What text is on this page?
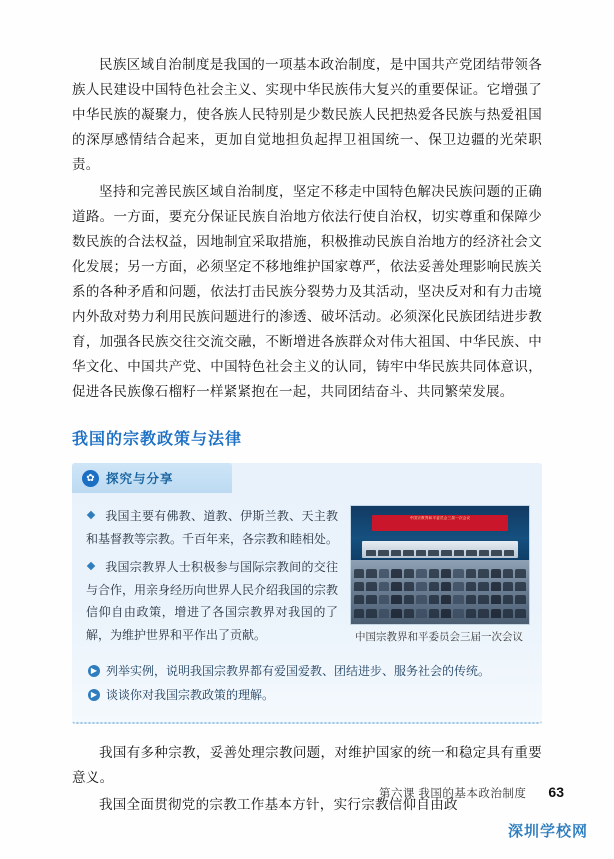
民族区域自治制度是我国的一项基本政治制度，是中国共产党团结带领各族人民建设中国特色社会主义、实现中华民族伟大复兴的重要保证。它增强了中华民族的凝聚力，使各族人民特别是少数民族人民把热爱各民族与热爱祖国的深厚感情结合起来，更加自觉地担负起捍卫祖国统一、保卫边疆的光荣职责。

坚持和完善民族区域自治制度，坚定不移走中国特色解决民族问题的正确道路。一方面，要充分保证民族自治地方依法行使自治权，切实尊重和保障少数民族的合法权益，因地制宜采取措施，积极推动民族自治地方的经济社会文化发展；另一方面，必须坚定不移地维护国家尊严，依法妥善处理影响民族关系的各种矛盾和问题，依法打击民族分裂势力及其活动，坚决反对和有力击境内外敌对势力利用民族问题进行的渗透、破坏活动。必须深化民族团结进步教育，加强各民族交往交流交融，不断增进各族群众对伟大祖国、中华民族、中华文化、中国共产党、中国特色社会主义的认同，铸牢中华民族共同体意识，促进各民族像石榴籽一样紧紧抱在一起，共同团结奋斗、共同繁荣发展。

我国的宗教政策与法律
✿ 探究与分享
我国主要有佛教、道教、伊斯兰教、天主教和基督教等宗教。千百年来，各宗教和睦相处。
我国宗教界人士积极参与国际宗教间的交往与合作，用亲身经历向世界人民介绍我国的宗教信仰自由政策，增进了各国宗教界对我国的了解，为维护世界和平作出了贡献。
中国宗教界和平委员会三届一次会议
中国宗教界和平委员会三届一次会议
▶ 列举实例，说明我国宗教界都有爱国爱教、团结进步、服务社会的传统。
▶ 谈谈你对我国宗教政策的理解。

我国有多种宗教，妥善处理宗教问题，对维护国家的统一和稳定具有重要意义。

我国全面贯彻党的宗教工作基本方针，实行宗教信仰自由政

第六课 我国的基本政治制度 63
深圳学校网
